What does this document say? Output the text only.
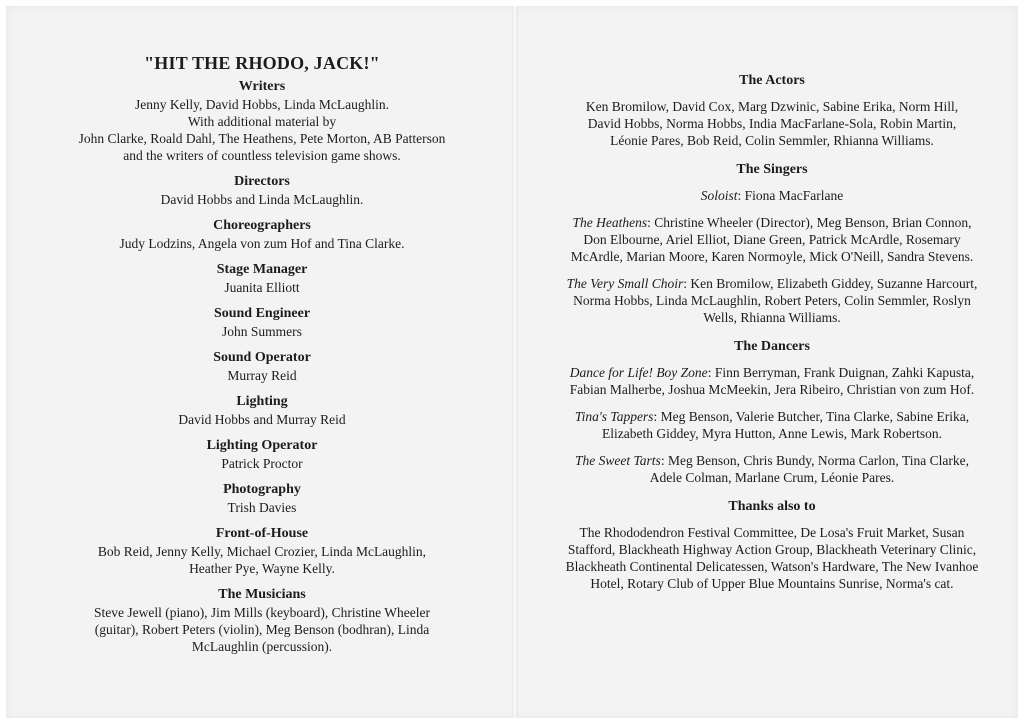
"HIT THE RHODO, JACK!"
Writers
Jenny Kelly, David Hobbs, Linda McLaughlin.
With additional material by
John Clarke, Roald Dahl, The Heathens, Pete Morton, AB Patterson
and the writers of countless television game shows.
Directors
David Hobbs and Linda McLaughlin.
Choreographers
Judy Lodzins, Angela von zum Hof and Tina Clarke.
Stage Manager
Juanita Elliott
Sound Engineer
John Summers
Sound Operator
Murray Reid
Lighting
David Hobbs and Murray Reid
Lighting Operator
Patrick Proctor
Photography
Trish Davies
Front-of-House
Bob Reid, Jenny Kelly, Michael Crozier, Linda McLaughlin,
Heather Pye, Wayne Kelly.
The Musicians
Steve Jewell (piano), Jim Mills (keyboard), Christine Wheeler
(guitar), Robert Peters (violin), Meg Benson (bodhran), Linda
McLaughlin (percussion).
The Actors
Ken Bromilow, David Cox, Marg Dzwinic, Sabine Erika, Norm Hill,
David Hobbs, Norma Hobbs, India MacFarlane-Sola, Robin Martin,
Léonie Pares, Bob Reid, Colin Semmler, Rhianna Williams.
The Singers
Soloist: Fiona MacFarlane
The Heathens: Christine Wheeler (Director), Meg Benson, Brian Connon, Don Elbourne, Ariel Elliot, Diane Green, Patrick McArdle, Rosemary McArdle, Marian Moore, Karen Normoyle, Mick O'Neill, Sandra Stevens.
The Very Small Choir: Ken Bromilow, Elizabeth Giddey, Suzanne Harcourt, Norma Hobbs, Linda McLaughlin, Robert Peters, Colin Semmler, Roslyn Wells, Rhianna Williams.
The Dancers
Dance for Life! Boy Zone: Finn Berryman, Frank Duignan, Zahki Kapusta, Fabian Malherbe, Joshua McMeekin, Jera Ribeiro, Christian von zum Hof.
Tina's Tappers: Meg Benson, Valerie Butcher, Tina Clarke, Sabine Erika, Elizabeth Giddey, Myra Hutton, Anne Lewis, Mark Robertson.
The Sweet Tarts: Meg Benson, Chris Bundy, Norma Carlon, Tina Clarke, Adele Colman, Marlane Crum, Léonie Pares.
Thanks also to
The Rhododendron Festival Committee, De Losa's Fruit Market, Susan Stafford, Blackheath Highway Action Group, Blackheath Veterinary Clinic, Blackheath Continental Delicatessen, Watson's Hardware, The New Ivanhoe Hotel, Rotary Club of Upper Blue Mountains Sunrise, Norma's cat.
